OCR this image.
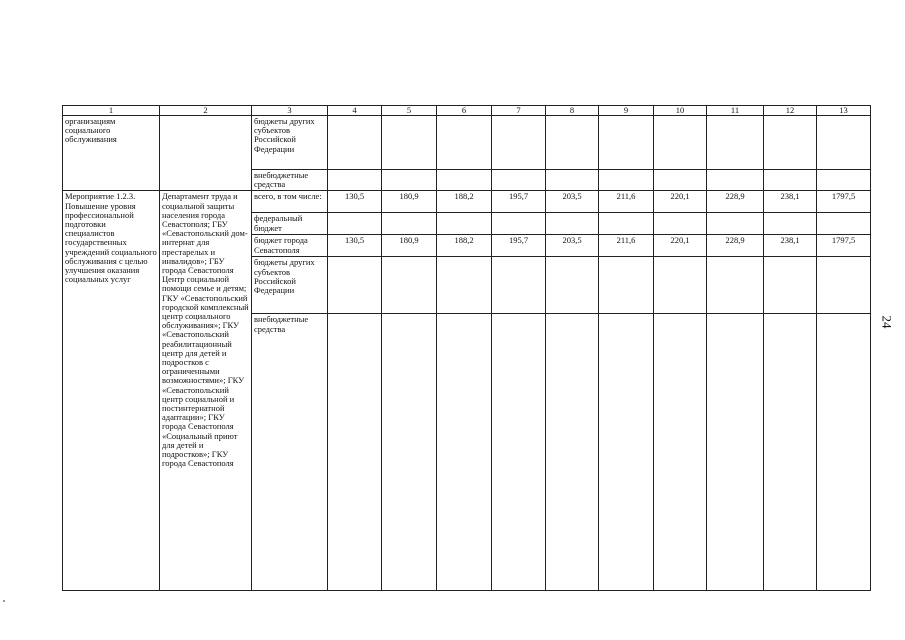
1	2	3	4	5	6	7	8	9	10	11	12	13
организациям социального обслуживания		бюджеты других субъектов Российской Федерации										
		внебюджетные средства										
Мероприятие 1.2.3. Повышение уровня профессиональной подготовки специалистов государственных учреждений социального обслуживания с целью улучшения оказания социальных услуг	Департамент труда и социальной защиты населения города Севастополя; ГБУ «Севастопольский дом-интернат для престарелых и инвалидов»; ГБУ города Севастополя Центр социальной помощи семье и детям; ГКУ «Севастопольский городской комплексный центр социального обслуживания»; ГКУ «Севастопольский реабилитационный центр для детей и подростков с ограниченными возможностями»; ГКУ «Севастопольский центр социальной и постинтернатной адаптации»; ГКУ города Севастополя «Социальный приют для детей и подростков»; ГКУ города Севастополя	всего, в том числе:	130,5	180,9	188,2	195,7	203,5	211,6	220,1	228,9	238,1	1797,5
		федеральный бюджет										
		бюджет города Севастополя	130,5	180,9	188,2	195,7	203,5	211,6	220,1	228,9	238,1	1797,5
		бюджеты других субъектов Российской Федерации										
		внебюджетные средства										
24
